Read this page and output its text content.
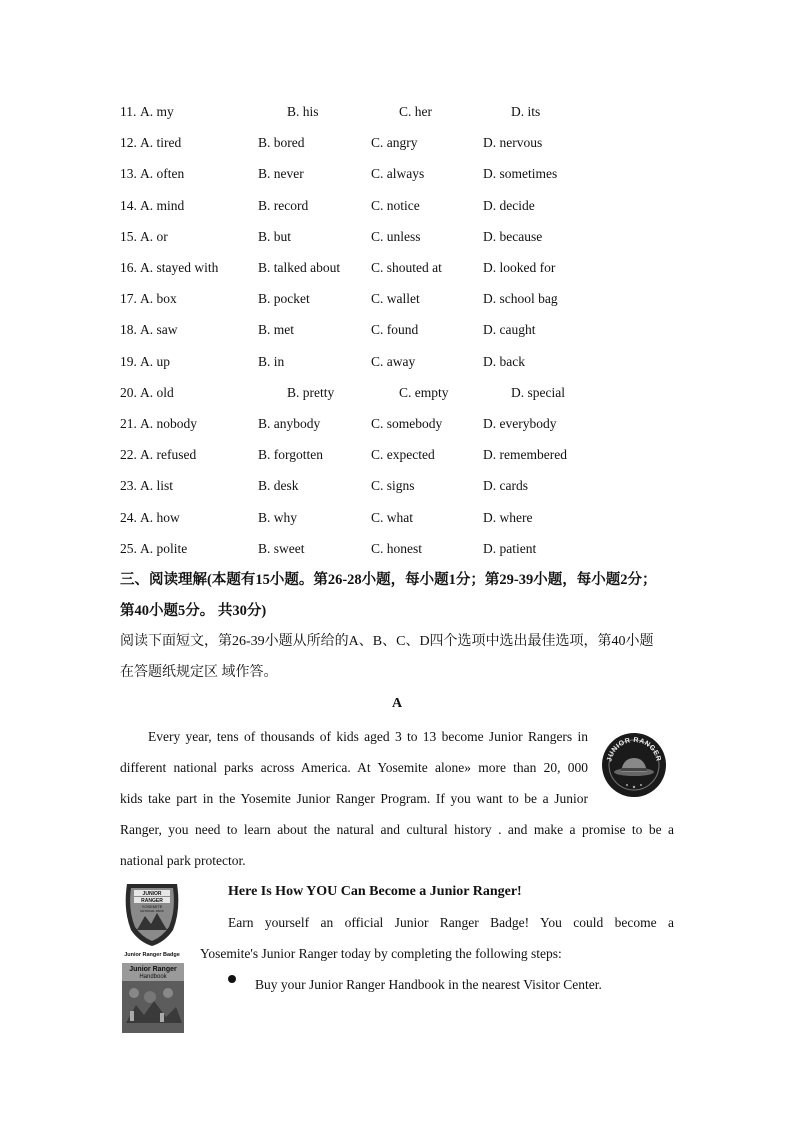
11. A. my	B. his	C. her	D. its
12. A. tired	B. bored	C. angry	D. nervous
13. A. often	B. never	C. always	D. sometimes
14. A. mind	B. record	C. notice	D. decide
15. A. or	B. but	C. unless	D. because
16. A. stayed with	B. talked about C. shouted at	D. looked for
17. A. box	B. pocket	C. wallet	D. school bag
18. A. saw	B. met	C. found	D. caught
19. A. up	B. in	C. away	D. back
20. A. old	B. pretty	C. empty	D. special
21. A. nobody	B. anybody	C. somebody	D. everybody
22. A. refused	B. forgotten	C. expected	D. remembered
23. A. list	B. desk	C. signs	D. cards
24. A. how	B. why	C. what	D. where
25. A. polite	B. sweet	C. honest	D. patient
三、阅读理解(本题有15小题。第26-28小题，每小题1分；第29-39小题，每小题2分；
第40小题5分。 共30分)
阅读下面短文，第26-39小题从所给的A、B、C、D四个选项中选出最佳选项，第40小题
在答题纸规定区 域作答。
A
Every year, tens of thousands of kids aged 3 to 13 become Junior Rangers in
different national parks across America. At Yosemite alone» more than 20, 000
kids take part in the Yosemite Junior Ranger Program. If you want to be a Junior
Ranger, you need to learn about the natural and cultural history . and make a promise to be a
national park protector.
JUNIOR RANGER
JUNIOR
RANGER
YOSEMITE
NATIONAL PARK
Junior Ranger Badge
Junior Ranger
Handbook
Here Is How YOU Can Become a Junior Ranger!
Earn yourself an official Junior Ranger Badge! You could become a
Yosemite's Junior Ranger today by completing the following steps:
Buy your Junior Ranger Handbook in the nearest Visitor Center.
